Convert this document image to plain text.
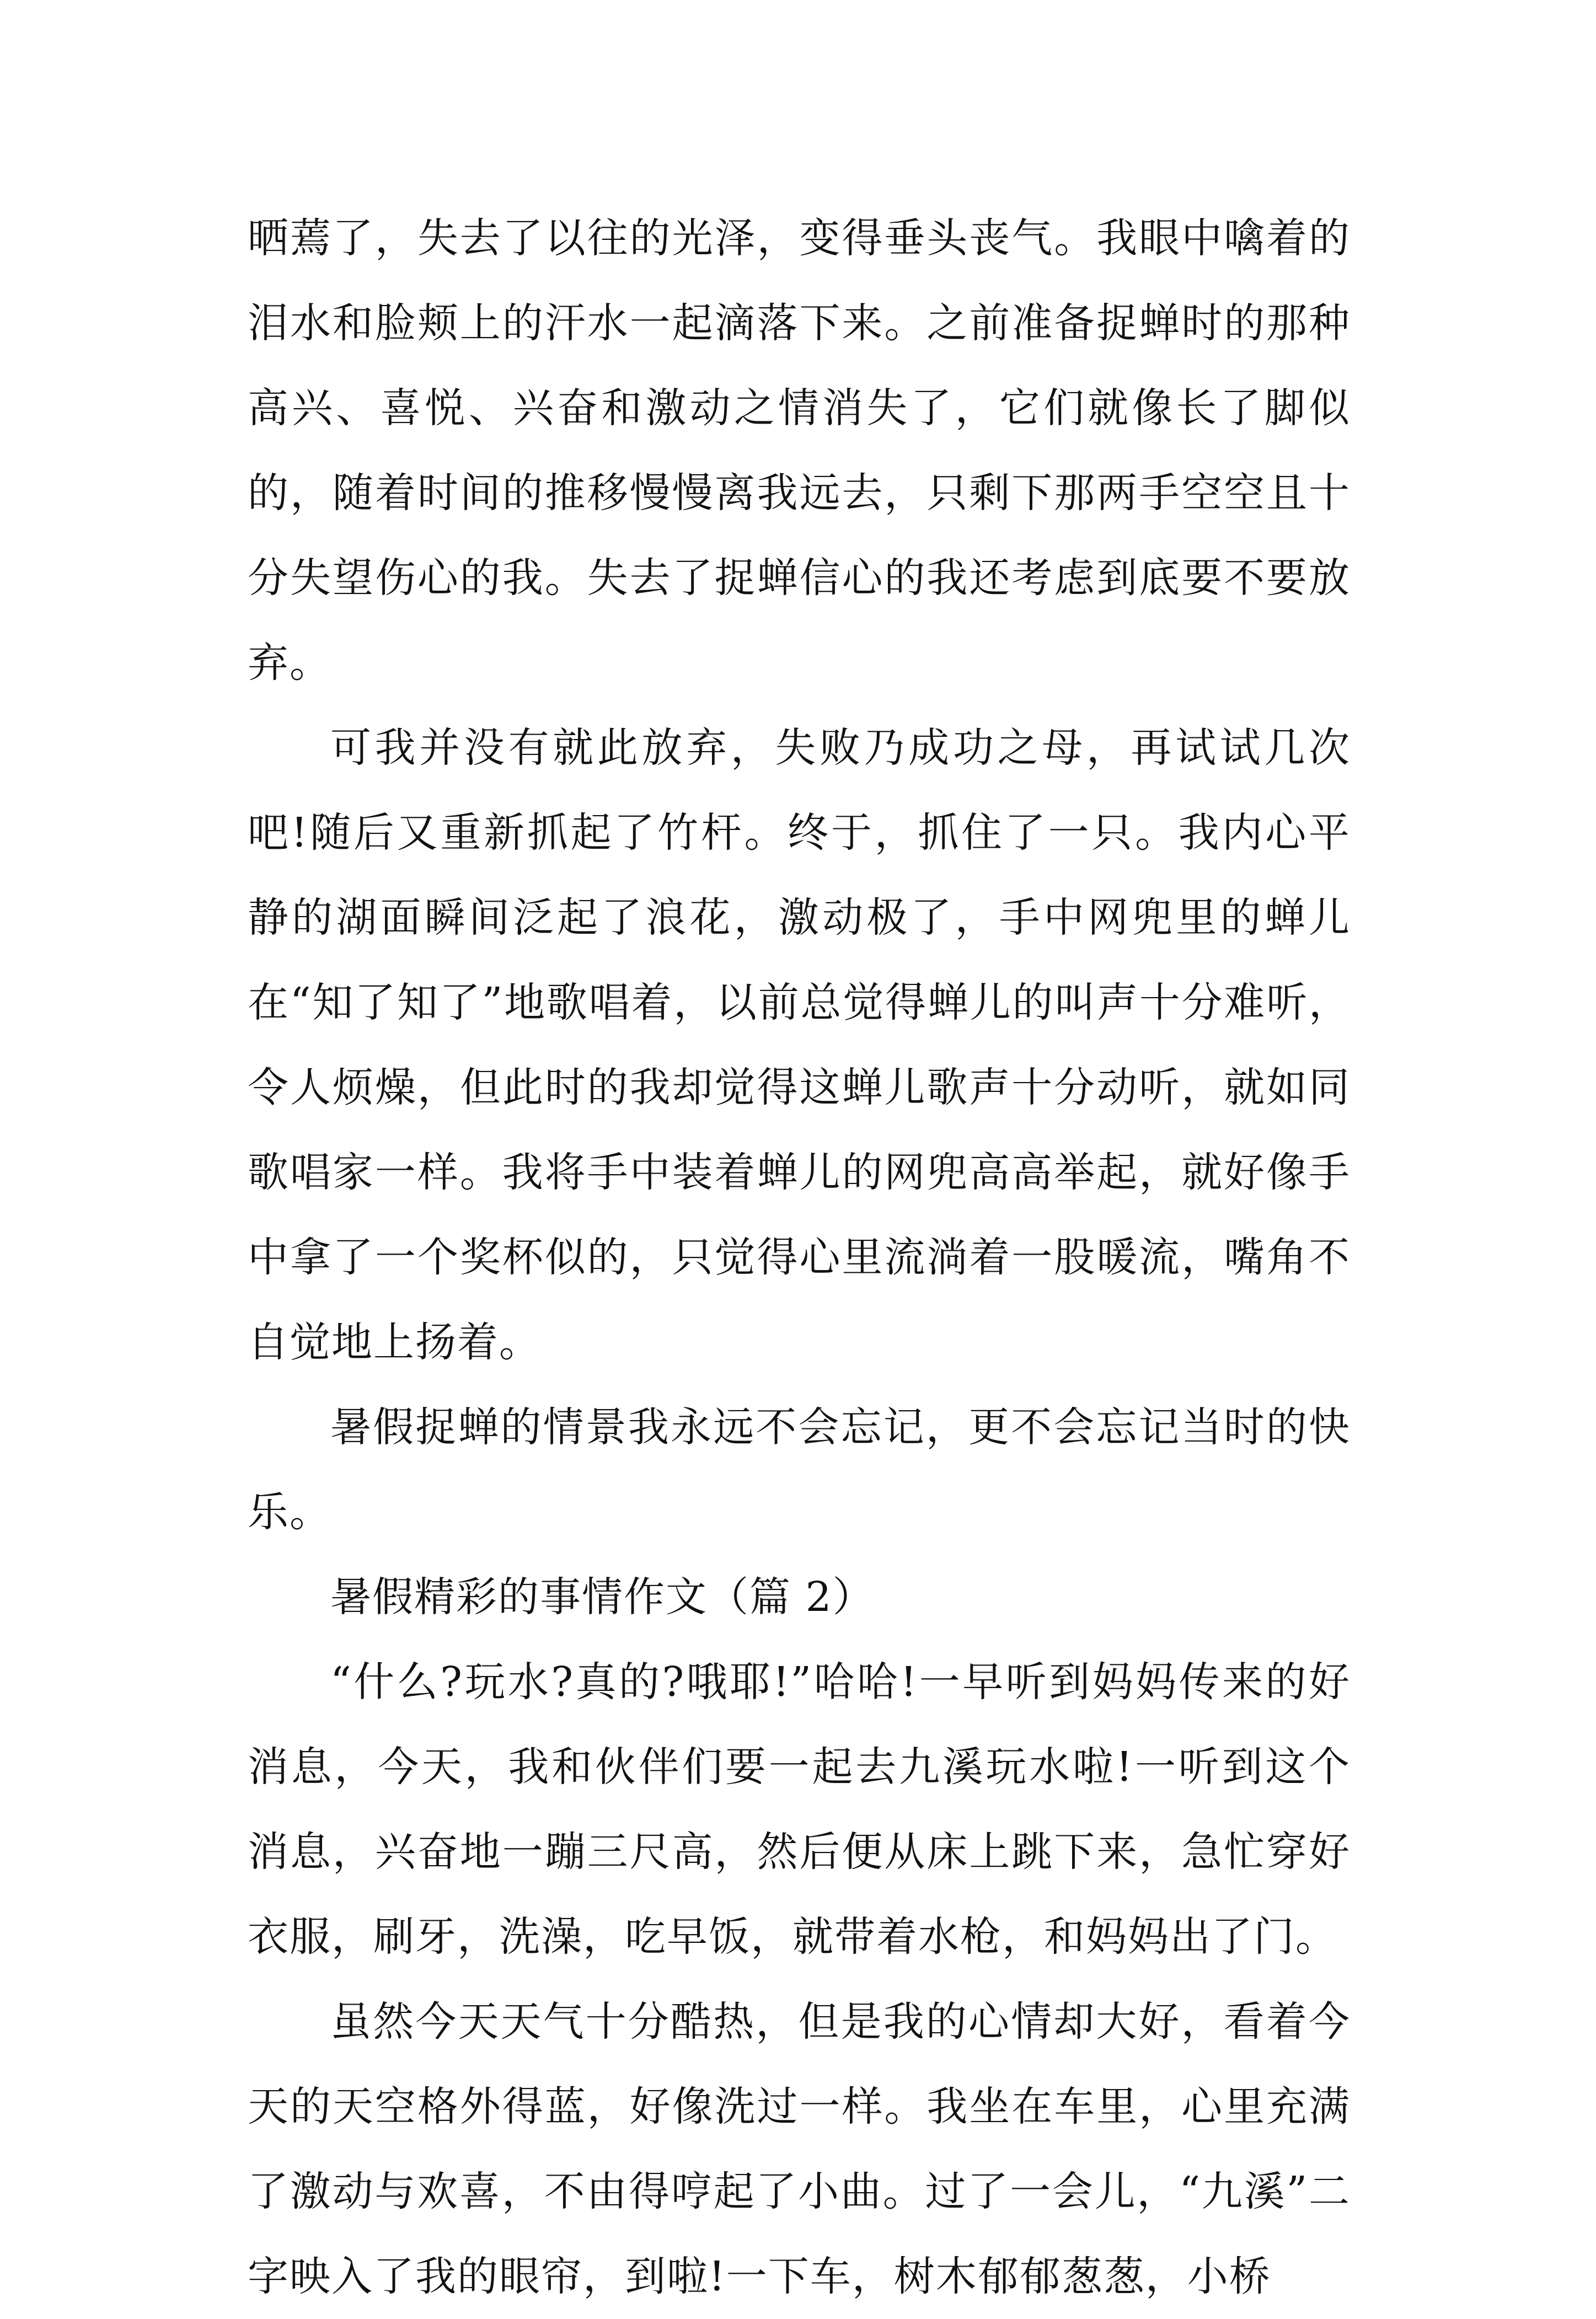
晒蔫了，失去了以往的光泽，变得垂头丧气。我眼中噙着的泪水和脸颊上的汗水一起滴落下来。之前准备捉蝉时的那种高兴、喜悦、兴奋和激动之情消失了，它们就像长了脚似的，随着时间的推移慢慢离我远去，只剩下那两手空空且十分失望伤心的我。失去了捉蝉信心的我还考虑到底要不要放弃。

可我并没有就此放弃，失败乃成功之母，再试试几次吧!随后又重新抓起了竹杆。终于，抓住了一只。我内心平静的湖面瞬间泛起了浪花，激动极了，手中网兜里的蝉儿在“知了知了”地歌唱着，以前总觉得蝉儿的叫声十分难听，令人烦燥，但此时的我却觉得这蝉儿歌声十分动听，就如同歌唱家一样。我将手中装着蝉儿的网兜高高举起，就好像手中拿了一个奖杯似的，只觉得心里流淌着一股暖流，嘴角不自觉地上扬着。

暑假捉蝉的情景我永远不会忘记，更不会忘记当时的快乐。

暑假精彩的事情作文（篇 2）

“什么?玩水?真的?哦耶!”哈哈!一早听到妈妈传来的好消息，今天，我和伙伴们要一起去九溪玩水啦!一听到这个消息，兴奋地一蹦三尺高，然后便从床上跳下来，急忙穿好衣服，刷牙，洗澡，吃早饭，就带着水枪，和妈妈出了门。

虽然今天天气十分酷热，但是我的心情却大好，看着今天的天空格外得蓝，好像洗过一样。我坐在车里，心里充满了激动与欢喜，不由得哼起了小曲。过了一会儿，“九溪”二字映入了我的眼帘，到啦!一下车，树木郁郁葱葱，小桥
